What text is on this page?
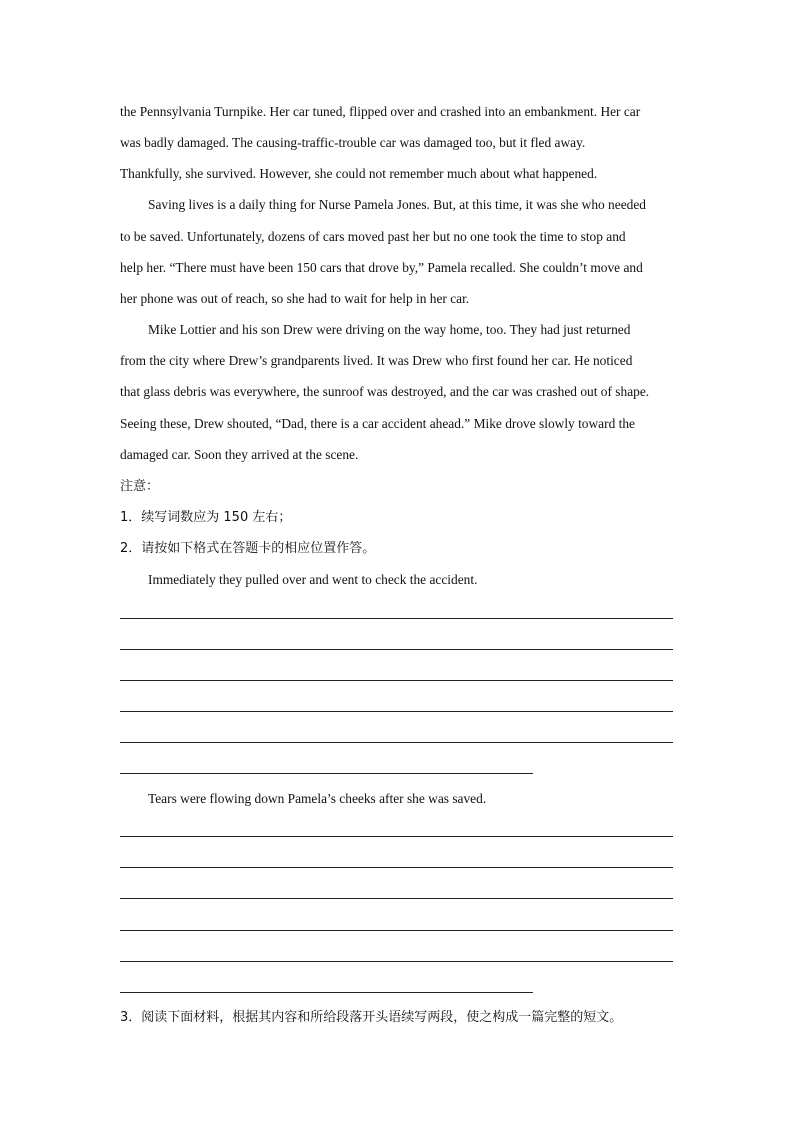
the Pennsylvania Turnpike. Her car tuned, flipped over and crashed into an embankment. Her car
was badly damaged. The causing-traffic-trouble car was damaged too, but it fled away.
Thankfully, she survived. However, she could not remember much about what happened.
Saving lives is a daily thing for Nurse Pamela Jones. But, at this time, it was she who needed
to be saved. Unfortunately, dozens of cars moved past her but no one took the time to stop and
help her. “There must have been 150 cars that drove by,” Pamela recalled. She couldn’t move and
her phone was out of reach, so she had to wait for help in her car.
Mike Lottier and his son Drew were driving on the way home, too. They had just returned
from the city where Drew’s grandparents lived. It was Drew who first found her car. He noticed
that glass debris was everywhere, the sunroof was destroyed, and the car was crashed out of shape.
Seeing these, Drew shouted, “Dad, there is a car accident ahead.” Mike drove slowly toward the
damaged car. Soon they arrived at the scene.
注意：
1．续写词数应为 150 左右；
2．请按如下格式在答题卡的相应位置作答。
Immediately they pulled over and went to check the accident.
Tears were flowing down Pamela’s cheeks after she was saved.
3．阅读下面材料，根据其内容和所给段落开头语续写两段，使之构成一篇完整的短文。
